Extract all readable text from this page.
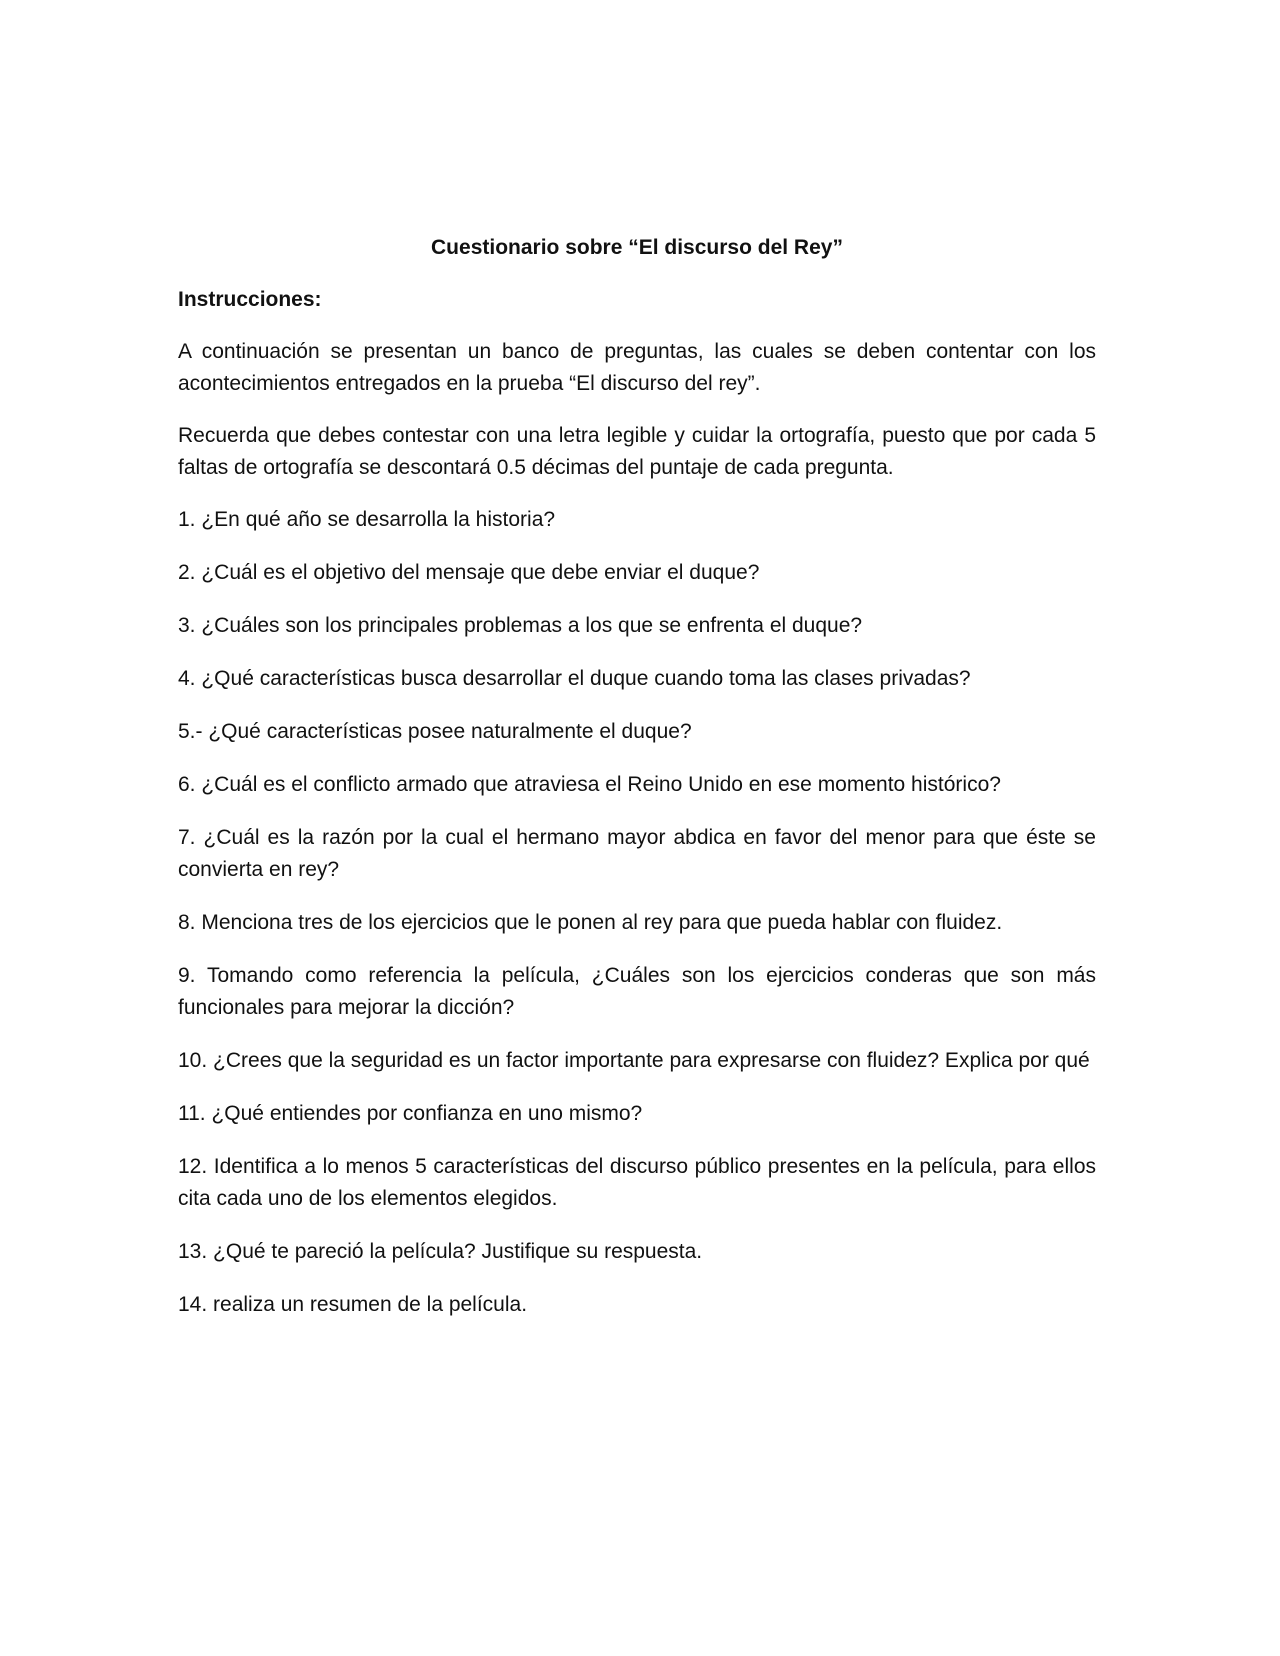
Cuestionario sobre “El discurso del Rey”
Instrucciones:

A continuación se presentan un banco de preguntas, las cuales se deben contentar con los acontecimientos entregados en la prueba “El discurso del rey”.

Recuerda que debes contestar con una letra legible y cuidar la ortografía, puesto que por cada 5 faltas de ortografía se descontará 0.5 décimas del puntaje de cada pregunta.

1. ¿En qué año se desarrolla la historia?
2. ¿Cuál es el objetivo del mensaje que debe enviar el duque?
3. ¿Cuáles son los principales problemas a los que se enfrenta el duque?
4. ¿Qué características busca desarrollar el duque cuando toma las clases privadas?
5.- ¿Qué características posee naturalmente el duque?
6. ¿Cuál es el conflicto armado que atraviesa el Reino Unido en ese momento histórico?
7. ¿Cuál es la razón por la cual el hermano mayor abdica en favor del menor para que éste se convierta en rey?
8. Menciona tres de los ejercicios que le ponen al rey para que pueda hablar con fluidez.
9. Tomando como referencia la película, ¿Cuáles son los ejercicios conderas que son más funcionales para mejorar la dicción?
10. ¿Crees que la seguridad es un factor importante para expresarse con fluidez? Explica por qué
11. ¿Qué entiendes por confianza en uno mismo?
12. Identifica a lo menos 5 características del discurso público presentes en la película, para ellos cita cada uno de los elementos elegidos.
13. ¿Qué te pareció la película? Justifique su respuesta.
14. realiza un resumen de la película.
